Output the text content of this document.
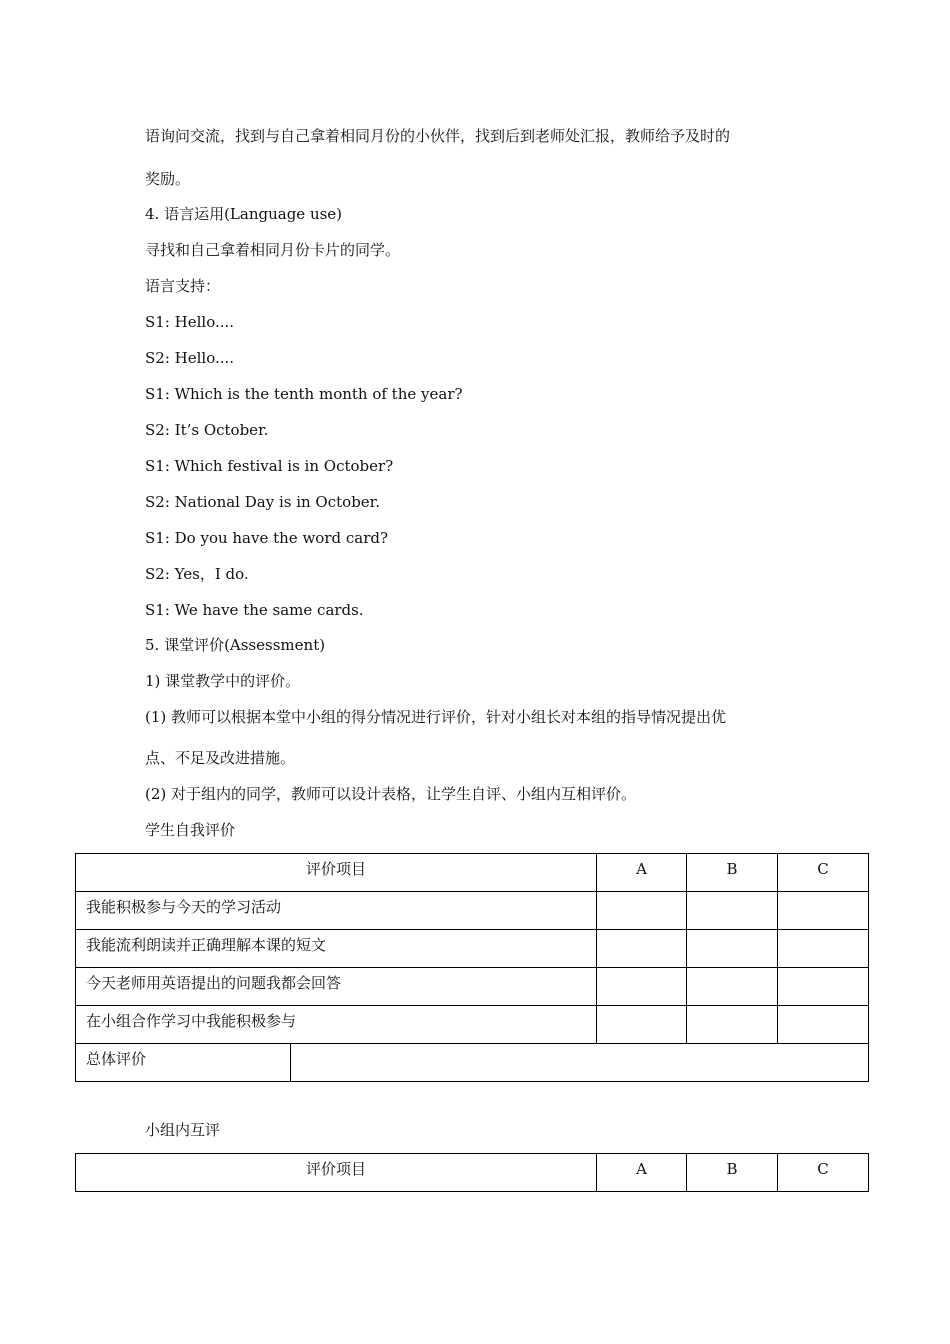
语询问交流，找到与自己拿着相同月份的小伙伴，找到后到老师处汇报，教师给予及时的
奖励。
4. 语言运用(Language use)
寻找和自己拿着相同月份卡片的同学。
语言支持：
S1: Hello....
S2: Hello....
S1: Which is the tenth month of the year?
S2: It’s October.
S1: Which festival is in October?
S2: National Day is in October.
S1: Do you have the word card?
S2: Yes，I do.
S1: We have the same cards.
5. 课堂评价(Assessment)
1) 课堂教学中的评价。
(1) 教师可以根据本堂中小组的得分情况进行评价，针对小组长对本组的指导情况提出优
点、不足及改进措施。
(2) 对于组内的同学，教师可以设计表格，让学生自评、小组内互相评价。
学生自我评价
评价项目		A	B	C

我能积极参与今天的学习活动				

我能流利朗读并正确理解本课的短文				

今天老师用英语提出的问题我都会回答				

在小组合作学习中我能积极参与				

总体评价				

小组内互评
评价项目	A	B	C
